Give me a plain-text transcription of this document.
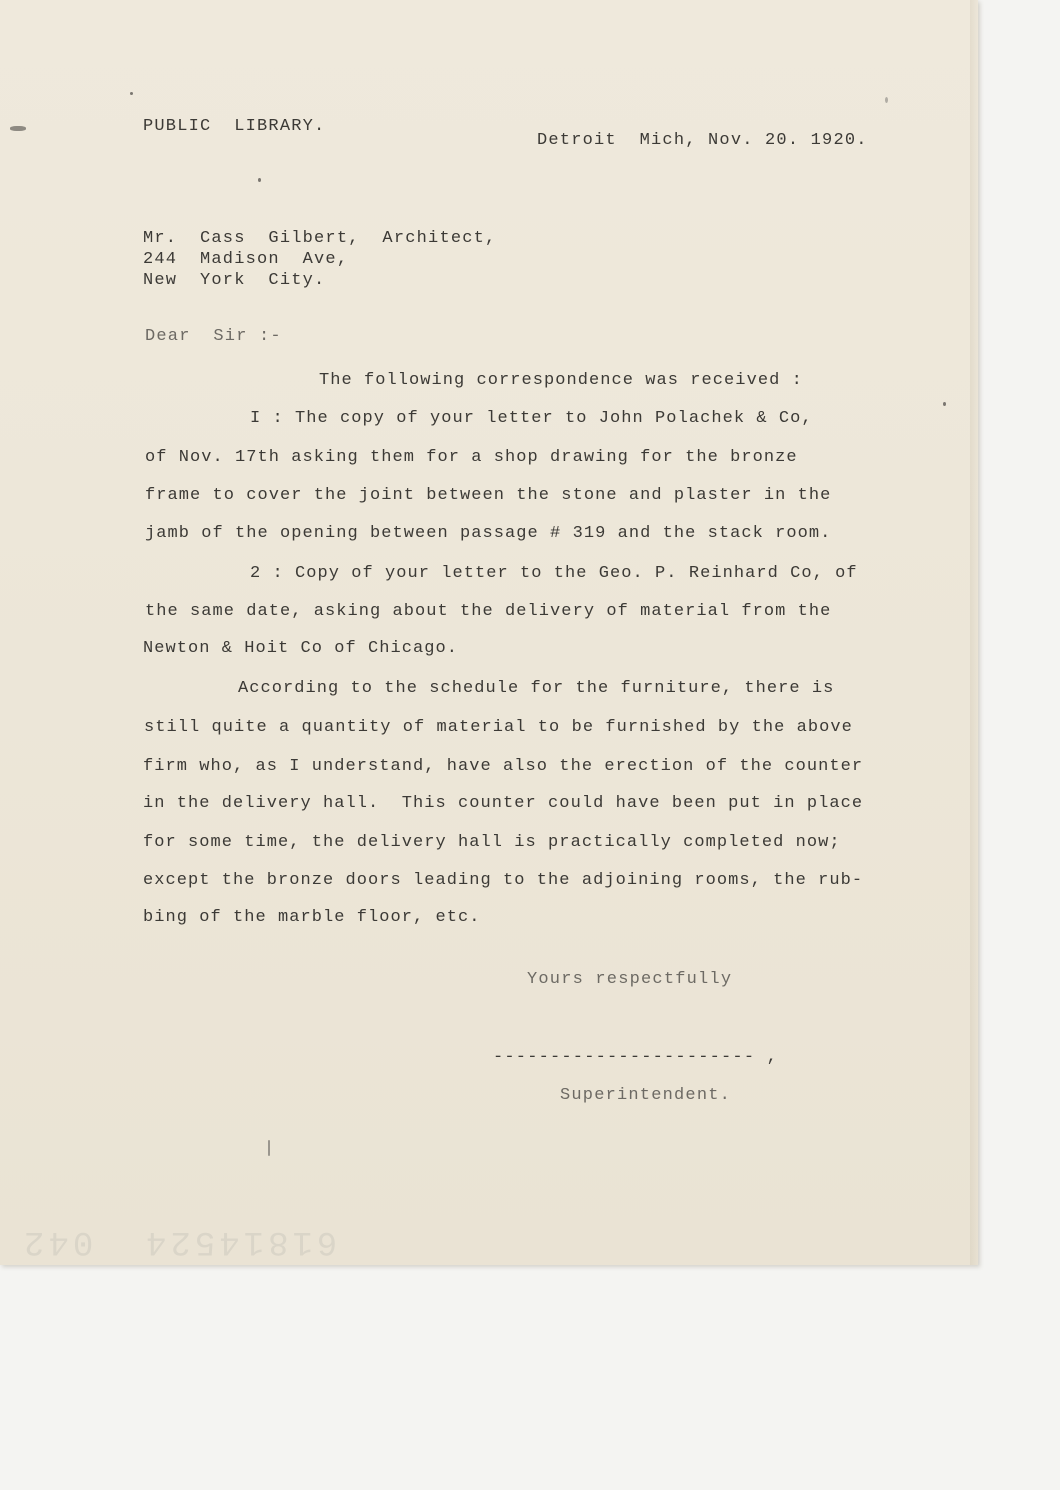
PUBLIC  LIBRARY.
Detroit  Mich, Nov. 20. 1920.
Mr.  Cass  Gilbert,  Architect,
244  Madison  Ave,
New  York  City.
Dear  Sir :-
The following correspondence was received :
I : The copy of your letter to John Polachek & Co,
of Nov. 17th asking them for a shop drawing for the bronze
frame to cover the joint between the stone and plaster in the
jamb of the opening between passage # 319 and the stack room.
2 : Copy of your letter to the Geo. P. Reinhard Co, of
the same date, asking about the delivery of material from the
Newton & Hoit Co of Chicago.
According to the schedule for the furniture, there is
still quite a quantity of material to be furnished by the above
firm who, as I understand, have also the erection of the counter
in the delivery hall.  This counter could have been put in place
for some time, the delivery hall is practically completed now;
except the bronze doors leading to the adjoining rooms, the rub-
bing of the marble floor, etc.
Yours respectfully
----------------------- ,
Superintendent.
61814524  042
